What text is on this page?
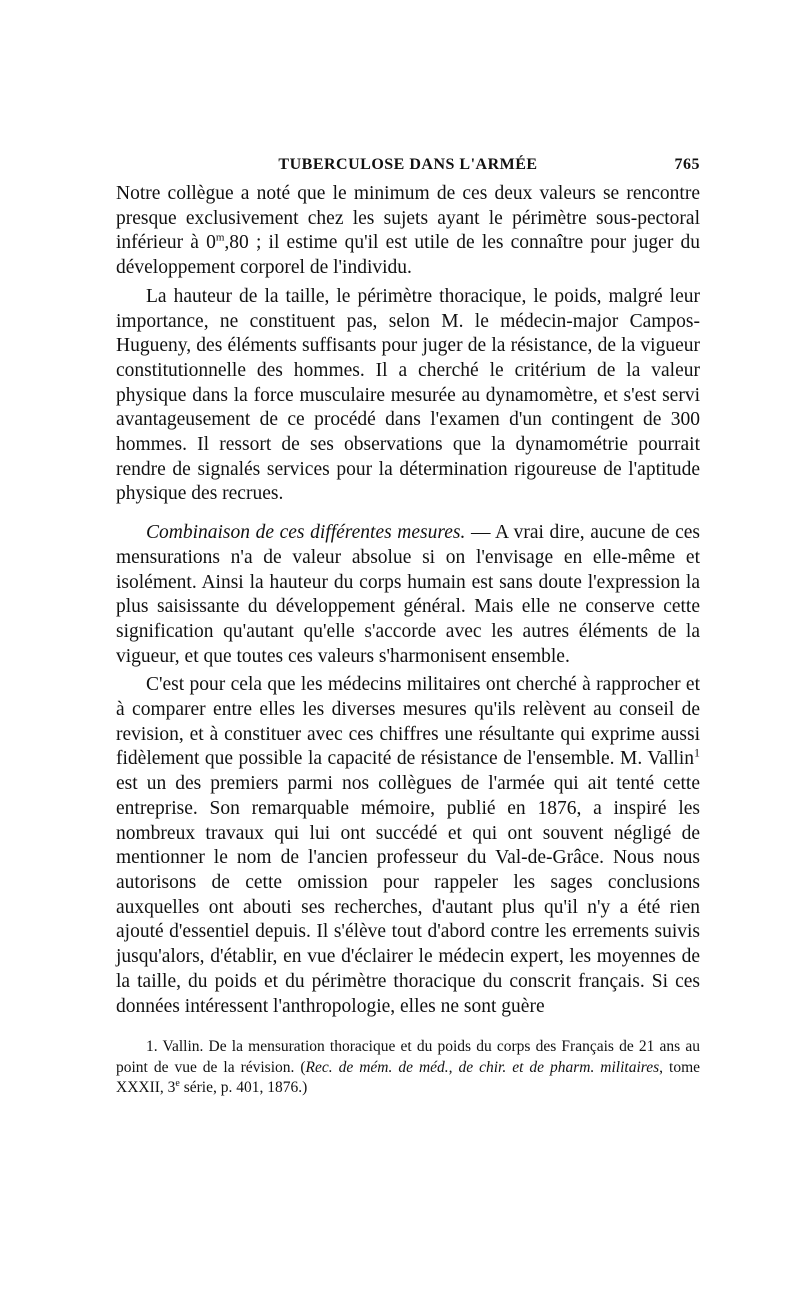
TUBERCULOSE DANS L'ARMÉE	765

Notre collègue a noté que le minimum de ces deux valeurs se rencontre presque exclusivement chez les sujets ayant le périmètre sous-pectoral inférieur à 0$^m$,80 ; il estime qu'il est utile de les connaître pour juger du développement corporel de l'individu.

La hauteur de la taille, le périmètre thoracique, le poids, malgré leur importance, ne constituent pas, selon M. le médecin-major Campos-Hugueny, des éléments suffisants pour juger de la résistance, de la vigueur constitutionnelle des hommes. Il a cherché le critérium de la valeur physique dans la force musculaire mesurée au dynamomètre, et s'est servi avantageusement de ce procédé dans l'examen d'un contingent de 300 hommes. Il ressort de ses observations que la dynamométrie pourrait rendre de signalés services pour la détermination rigoureuse de l'aptitude physique des recrues.

Combinaison de ces différentes mesures. — A vrai dire, aucune de ces mensurations n'a de valeur absolue si on l'envisage en elle-même et isolément. Ainsi la hauteur du corps humain est sans doute l'expression la plus saisissante du développement général. Mais elle ne conserve cette signification qu'autant qu'elle s'accorde avec les autres éléments de la vigueur, et que toutes ces valeurs s'harmonisent ensemble.

C'est pour cela que les médecins militaires ont cherché à rapprocher et à comparer entre elles les diverses mesures qu'ils relèvent au conseil de revision, et à constituer avec ces chiffres une résultante qui exprime aussi fidèlement que possible la capacité de résistance de l'ensemble. M. Vallin$^1$ est un des premiers parmi nos collègues de l'armée qui ait tenté cette entreprise. Son remarquable mémoire, publié en 1876, a inspiré les nombreux travaux qui lui ont succédé et qui ont souvent négligé de mentionner le nom de l'ancien professeur du Val-de-Grâce. Nous nous autorisons de cette omission pour rappeler les sages conclusions auxquelles ont abouti ses recherches, d'autant plus qu'il n'y a été rien ajouté d'essentiel depuis. Il s'élève tout d'abord contre les errements suivis jusqu'alors, d'établir, en vue d'éclairer le médecin expert, les moyennes de la taille, du poids et du périmètre thoracique du conscrit français. Si ces données intéressent l'anthropologie, elles ne sont guère

1. Vallin. De la mensuration thoracique et du poids du corps des Français de 21 ans au point de vue de la révision. (Rec. de mém. de méd., de chir. et de pharm. militaires, tome XXXII, 3e série, p. 401, 1876.)
